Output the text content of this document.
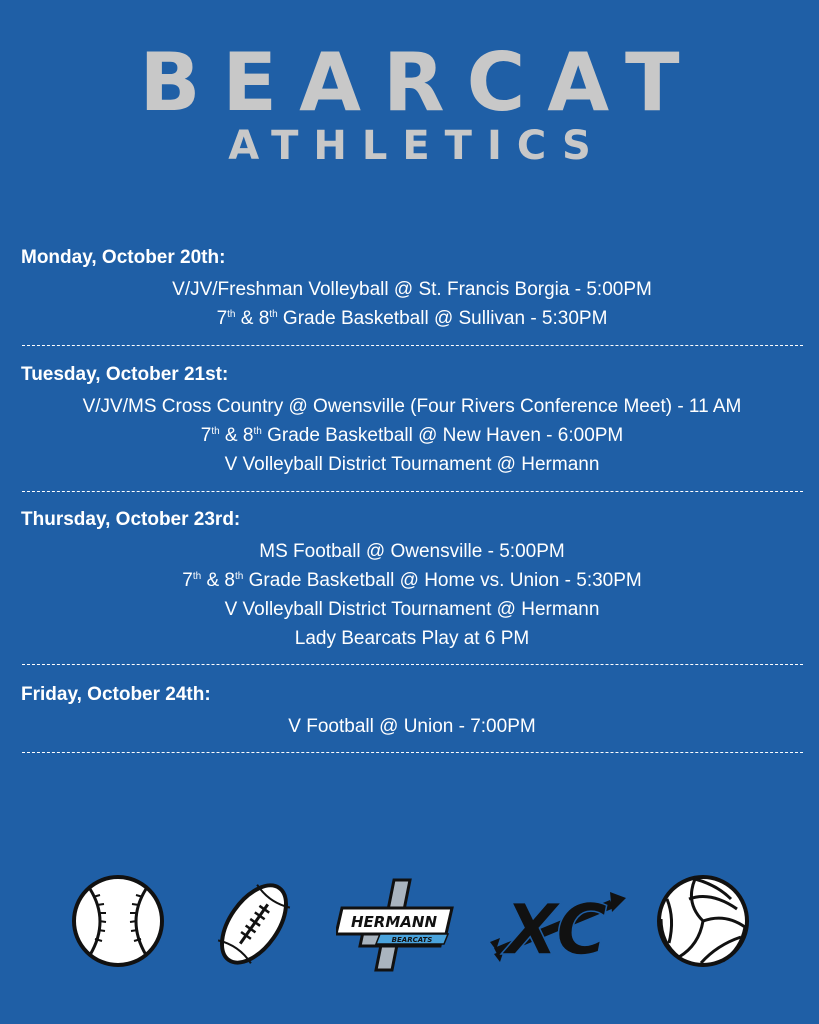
BEARCAT
ATHLETICS
Monday, October 20th:
V/JV/Freshman Volleyball @ St. Francis Borgia - 5:00PM
7th & 8th Grade Basketball @ Sullivan - 5:30PM
Tuesday, October 21st:
V/JV/MS Cross Country @ Owensville (Four Rivers Conference Meet) - 11 AM
7th & 8th Grade Basketball @ New Haven - 6:00PM
V Volleyball District Tournament @ Hermann
Thursday, October 23rd:
MS Football @ Owensville - 5:00PM
7th & 8th Grade Basketball @ Home vs. Union - 5:30PM
V Volleyball District Tournament @ Hermann
Lady Bearcats Play at 6 PM
Friday, October 24th:
V Football @ Union - 7:00PM
HERMANN
BEARCATS XC
